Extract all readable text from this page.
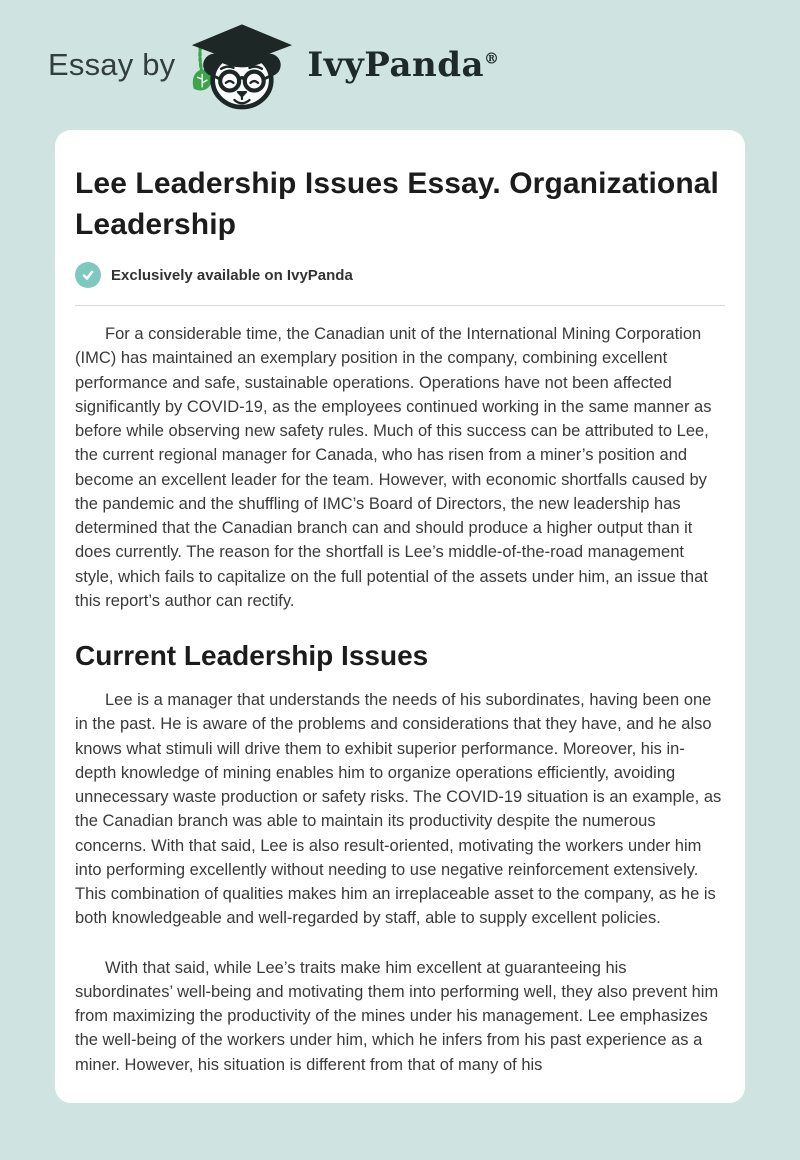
Essay by	IvyPanda®
Lee Leadership Issues Essay. Organizational Leadership
Exclusively available on IvyPanda

For a considerable time, the Canadian unit of the International Mining Corporation (IMC) has maintained an exemplary position in the company, combining excellent performance and safe, sustainable operations. Operations have not been affected significantly by COVID-19, as the employees continued working in the same manner as before while observing new safety rules. Much of this success can be attributed to Lee, the current regional manager for Canada, who has risen from a miner’s position and become an excellent leader for the team. However, with economic shortfalls caused by the pandemic and the shuffling of IMC’s Board of Directors, the new leadership has determined that the Canadian branch can and should produce a higher output than it does currently. The reason for the shortfall is Lee’s middle-of-the-road management style, which fails to capitalize on the full potential of the assets under him, an issue that this report’s author can rectify.

Current Leadership Issues

Lee is a manager that understands the needs of his subordinates, having been one in the past. He is aware of the problems and considerations that they have, and he also knows what stimuli will drive them to exhibit superior performance. Moreover, his in-depth knowledge of mining enables him to organize operations efficiently, avoiding unnecessary waste production or safety risks. The COVID-19 situation is an example, as the Canadian branch was able to maintain its productivity despite the numerous concerns. With that said, Lee is also result-oriented, motivating the workers under him into performing excellently without needing to use negative reinforcement extensively. This combination of qualities makes him an irreplaceable asset to the company, as he is both knowledgeable and well-regarded by staff, able to supply excellent policies.

With that said, while Lee’s traits make him excellent at guaranteeing his subordinates’ well-being and motivating them into performing well, they also prevent him from maximizing the productivity of the mines under his management. Lee emphasizes the well-being of the workers under him, which he infers from his past experience as a miner. However, his situation is different from that of many of his
